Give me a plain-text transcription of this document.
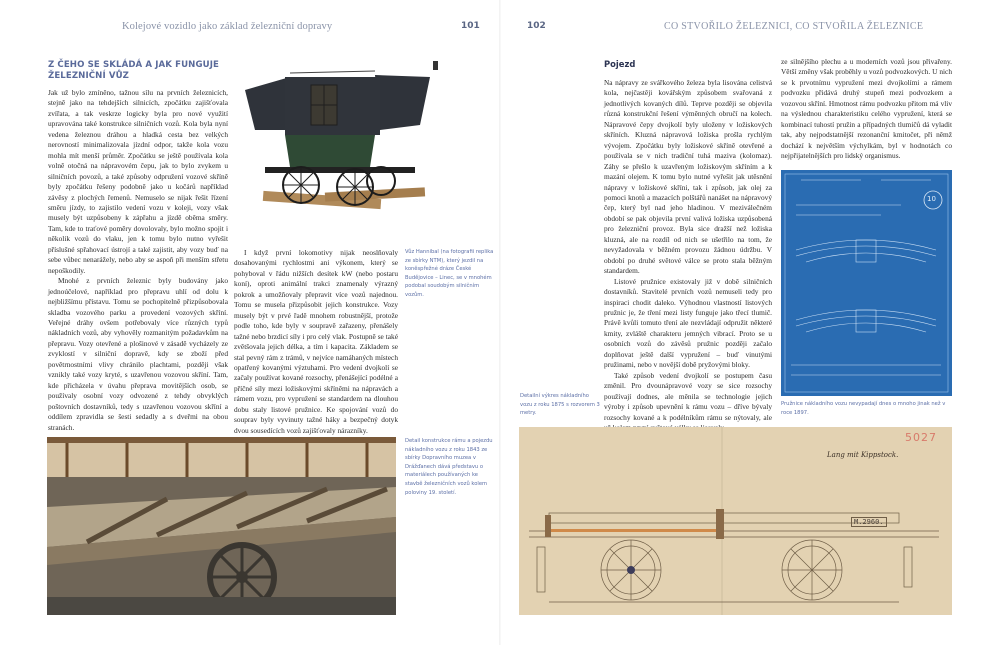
Kolejové vozidlo jako základ železniční dopravy	101
Z ČEHO SE SKLÁDÁ A JAK FUNGUJE
ŽELEZNIČNÍ VŮZ

Jak už bylo zmíněno, tažnou sílu na prvních železnicích, stejně jako na tehdejších silnicích, zpočátku zajišťovala zvířata, a tak veskrze logicky byla pro nové využití upravována také konstrukce silničních vozů. Kola byla nyní vedena železnou dráhou a hladká cesta bez velkých nerovností minimalizovala jízdní odpor, takže kola vozu mohla mít menší průměr. Zpočátku se ještě používala kola volně otočná na nápravovém čepu, jak to bylo zvykem u silničních povozů, a také způsoby odpružení vozové skříně byly zpočátku řešeny podobně jako u kočárů například závěsy z plochých řemenů. Nemuselo se nijak řešit řízení směru jízdy, to zajistilo vedení vozu v koleji, vozy však musely být uzpůsobeny k zápřahu a jízdě oběma směry. Tam, kde to traťové poměry dovolovaly, bylo možno spojit i několik vozů do vlaku, jen k tomu bylo nutno vyřešit příslušné spřahovací ústrojí a také zajistit, aby vozy buď na sebe vůbec nenarážely, nebo aby se aspoň při menším střetu nepoškodily.

Mnohé z prvních železnic byly budovány jako jednoúčelové, například pro přepravu uhlí od dolu k nejbližšímu přístavu. Tomu se pochopitelně přizpůsobovala skladba vozového parku a provedení vozových skříní. Veřejné dráhy ovšem potřebovaly více různých typů nákladních vozů, aby vyhověly rozmanitým požadavkům na přepravu. Vozy otevřené a plošinové v zásadě vycházely ze zvyklostí v silniční dopravě, kdy se zboží před povětrnostními vlivy chránilo plachtami, později však vznikly také vozy kryté, s uzavřenou vozovou skříní. Tam, kde přicházela v úvahu přeprava movitějších osob, se používaly osobní vozy odvozené z tehdy obvyklých poštovních dostavníků, tedy s uzavřenou vozovou skříní a oddílem zpravidla se šesti sedadly a s dveřmi na obou stranách.

I když první lokomotivy nijak neoslňovaly dosahovanými rychlostmi ani výkonem, který se pohyboval v řádu nižších desítek kW (nebo postaru koní), oproti animální trakci znamenaly výrazný pokrok a umožňovaly přepravit více vozů najednou. Tomu se musela přizpůsobit jejich konstrukce. Vozy musely být v prvé řadě mnohem robustnější, protože podle toho, kde byly v soupravě zařazeny, přenášely tažné nebo brzdicí síly i pro celý vlak. Postupně se také zvětšovala jejich délka, a tím i kapacita. Základem se stal pevný rám z trámů, v nejvíce namáhaných místech opatřený kovanými výztuhami. Pro vedení dvojkolí se začaly používat kované rozsochy, přenášející podélné a příčné síly mezi ložiskovými skříněmi na nápravách a rámem vozu, pro vypružení se standardem na dlouhou dobu staly listové pružnice. Ke spojování vozů do souprav byly vyvinuty tažné háky a bezpečný dotyk dvou sousedících vozů zajišťovaly nárazníky.

Vůz Hannibal (na fotografii replika ze sbírky NTM), který jezdil na koněspřežné dráze České Budějovice – Linec, se v mnohém podobal soudobým silničním vozům.
Detail konstrukce rámu a pojezdu nákladního vozu z roku 1843 ze sbírky Dopravního muzea v Drážďanech dává představu o materiálech používaných ke stavbě železničních vozů kolem poloviny 19. století.
102	CO STVOŘILO ŽELEZNICI, CO STVOŘILA ŽELEZNICE
Pojezd

Na nápravy ze svářkového železa byla lisována celistvá kola, nejčastěji kovářským způsobem svařovaná z jednotlivých kovaných dílů. Teprve později se objevila různá konstrukční řešení výměnných obručí na kolech. Nápravové čepy dvojkolí byly uloženy v ložiskových skříních. Kluzná nápravová ložiska prošla rychlým vývojem. Zpočátku byly ložiskové skříně otevřené a používala se v nich tradiční tuhá maziva (kolomaz). Záhy se přešlo k uzavřeným ložiskovým skříním a k mazání olejem. K tomu bylo nutné vyřešit jak utěsnění nápravy v ložiskové skříni, tak i způsob, jak olej za pomoci knotů a mazacích polštářů nanášet na nápravový čep, který byl nad jeho hladinou. V meziválečném období se pak objevila první valivá ložiska uzpůsobená pro železniční provoz. Byla sice dražší než ložiska kluzná, ale na rozdíl od nich se ušetřilo na tom, že nevyžadovala v běžném provozu žádnou údržbu. V období po druhé světové válce se proto stala běžným standardem.

Listové pružnice existovaly již v době silničních dostavníků. Stavitelé prvních vozů nemuseli tedy pro inspiraci chodit daleko. Výhodnou vlastností listových pružnic je, že tření mezi listy funguje jako třecí tlumič. Právě kvůli tomuto tření ale nezvládají odpružit některé kmity, zvláště charakteru jemných vibrací. Proto se u osobních vozů do závěsů pružnic později začalo doplňovat ještě další vypružení – buď vinutými pružinami, nebo v novější době pryžovými bloky.

Také způsob vedení dvojkolí se postupem času změnil. Pro dvounápravové vozy se sice rozsochy používají dodnes, ale měnila se technologie jejich výroby i způsob upevnění k rámu vozu – dříve bývaly rozsochy kované a k podélníkům rámu se nýtovaly, ale

ze silnějšího plechu a u moderních vozů jsou přivařeny. Větší změny však proběhly u vozů podvozkových. U nich se k prvotnímu vypružení mezi dvojkolími a rámem podvozku přidává druhý stupeň mezi podvozkem a vozovou skříní. Hmotnost rámu podvozku přitom má vliv na výslednou charakteristiku celého vypružení, která se kombinací tuhostí pružin a případných tlumičů dá vyladit tak, aby nejpodstatnější rezonanční kmitočet, při němž dochází k největším výchylkám, byl v hodnotách co nejpřijatelnějších pro lidský organismus.

10
Pružnice nákladního vozu nevypadají dnes o mnoho jinak než v roce 1897.
Detailní výkres nákladního vozu z roku 1875 s rozvorem 3 metry.
5027
Lang mit Kippstock.
M.2960.
